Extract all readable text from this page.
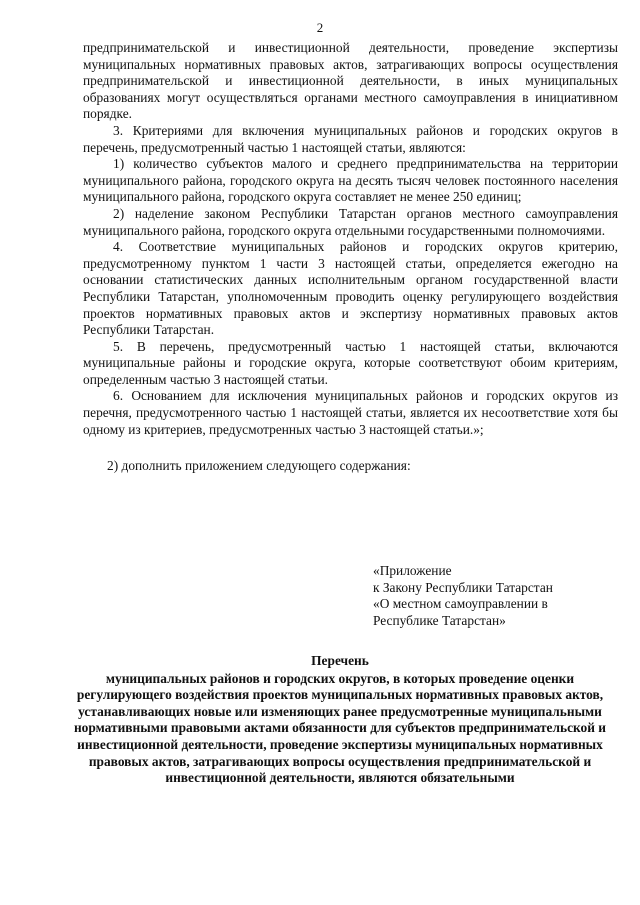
2

предпринимательской и инвестиционной деятельности, проведение экспертизы муниципальных нормативных правовых актов, затрагивающих вопросы осуществления предпринимательской и инвестиционной деятельности, в иных муниципальных образованиях могут осуществляться органами местного самоуправления в инициативном порядке.

3. Критериями для включения муниципальных районов и городских округов в перечень, предусмотренный частью 1 настоящей статьи, являются:

1) количество субъектов малого и среднего предпринимательства на территории муниципального района, городского округа на десять тысяч человек постоянного населения муниципального района, городского округа составляет не менее 250 единиц;

2) наделение законом Республики Татарстан органов местного самоуправления муниципального района, городского округа отдельными государственными полномочиями.

4. Соответствие муниципальных районов и городских округов критерию, предусмотренному пунктом 1 части 3 настоящей статьи, определяется ежегодно на основании статистических данных исполнительным органом государственной власти Республики Татарстан, уполномоченным проводить оценку регулирующего воздействия проектов нормативных правовых актов и экспертизу нормативных правовых актов Республики Татарстан.

5. В перечень, предусмотренный частью 1 настоящей статьи, включаются муниципальные районы и городские округа, которые соответствуют обоим критериям, определенным частью 3 настоящей статьи.

6. Основанием для исключения муниципальных районов и городских округов из перечня, предусмотренного частью 1 настоящей статьи, является их несоответствие хотя бы одному из критериев, предусмотренных частью 3 настоящей статьи.»;

2) дополнить приложением следующего содержания:

«Приложение
к Закону Республики Татарстан
«О местном самоуправлении в
Республике Татарстан»
Перечень
муниципальных районов и городских округов, в которых проведение оценки регулирующего воздействия проектов муниципальных нормативных правовых актов, устанавливающих новые или изменяющих ранее предусмотренные муниципальными нормативными правовыми актами обязанности для субъектов предпринимательской и инвестиционной деятельности, проведение экспертизы муниципальных нормативных правовых актов, затрагивающих вопросы осуществления предпринимательской и инвестиционной деятельности, являются обязательными
